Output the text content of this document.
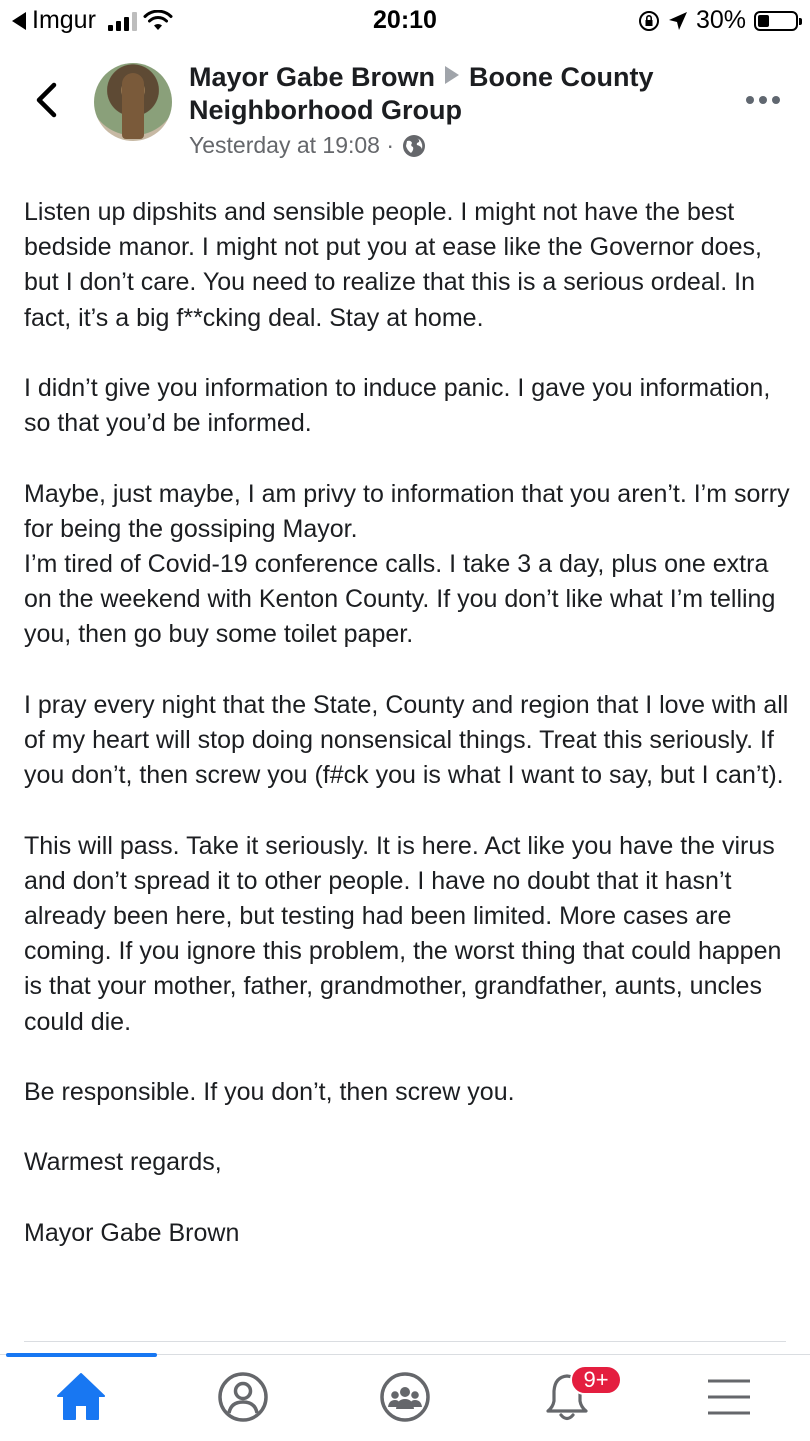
Imgur	20:10	30%
Mayor Gabe Brown Boone County Neighborhood Group
Yesterday at 19:08 ·

Listen up dipshits and sensible people. I might not have the best bedside manor. I might not put you at ease like the Governor does, but I don’t care. You need to realize that this is a serious ordeal. In fact, it’s a big f**cking deal. Stay at home.

I didn’t give you information to induce panic. I gave you information, so that you’d be informed.

Maybe, just maybe, I am privy to information that you aren’t. I’m sorry for being the gossiping Mayor.

I’m tired of Covid-19 conference calls. I take 3 a day, plus one extra on the weekend with Kenton County. If you don’t like what I’m telling you, then go buy some toilet paper.

I pray every night that the State, County and region that I love with all of my heart will stop doing nonsensical things. Treat this seriously. If you don’t, then screw you (f#ck you is what I want to say, but I can’t).

This will pass. Take it seriously. It is here. Act like you have the virus and don’t spread it to other people. I have no doubt that it hasn’t already been here, but testing had been limited. More cases are coming. If you ignore this problem, the worst thing that could happen is that your mother, father, grandmother, grandfather, aunts, uncles could die.

Be responsible. If you don’t, then screw you.

Warmest regards,

Mayor Gabe Brown

9+
